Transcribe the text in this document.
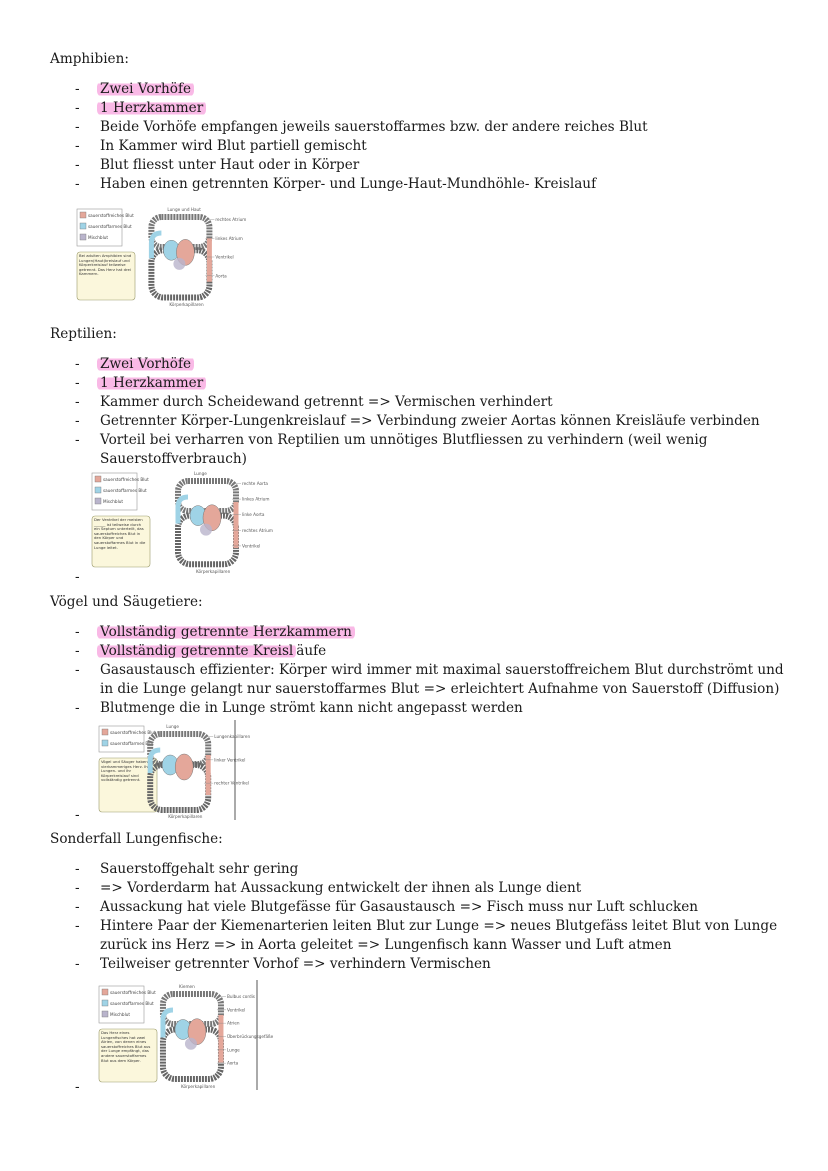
Amphibien:
- Zwei Vorhöfe
- 1 Herzkammer
- Beide Vorhöfe empfangen jeweils sauerstoffarmes bzw. der andere reiches Blut
- In Kammer wird Blut partiell gemischt
- Blut fliesst unter Haut oder in Körper
- Haben einen getrennten Körper- und Lunge-Haut-Mundhöhle- Kreislauf
sauerstoffreiches Blut
sauerstoffarmes Blut
Mischblut
Bei adulten Amphibien sind Lungen(Haut)kreislauf und Körperkreislauf teilweise getrennt. Das Herz hat drei Kammern.
Lunge und Haut
rechtes Atrium
linkes Atrium
Ventrikel
Aorta
Körperkapillaren
Reptilien:
- Zwei Vorhöfe
- 1 Herzkammer
- Kammer durch Scheidewand getrennt => Vermischen verhindert
- Getrennter Körper-Lungenkreislauf => Verbindung zweier Aortas können Kreisläufe verbinden
- Vorteil bei verharren von Reptilien um unnötiges Blutfliessen zu verhindern (weil wenig Sauerstoffverbrauch)
sauerstoffreiches Blut
sauerstoffarmes Blut
Mischblut
Der Ventrikel der meisten ______ ist teilweise durch ein Septum unterteilt, das sauerstoffreiches Blut in den Körper und sauerstoffarmes Blut in die Lunge leitet.
Lunge
rechte Aorta
linkes Atrium
linke Aorta
rechtes Atrium
Ventrikel
Körperkapillaren
-
Vögel und Säugetiere:
- Vollständig getrennte Herzkammern
- Vollständig getrennte Kreisl äufe
- Gasaustausch effizienter: Körper wird immer mit maximal sauerstoffreichem Blut durchströmt und in die Lunge gelangt nur sauerstoffarmes Blut => erleichtert Aufnahme von Sauerstoff (Diffusion)
- Blutmenge die in Lunge strömt kann nicht angepasst werden
sauerstoffreiches Blut
sauerstoffarmes Blut
Vögel und Säuger haben ein vierkammeriges Herz. Ihr Lungen- und ihr Körperkreislauf sind vollständig getrennt.
Lunge
Lungenkapillaren
linker Ventrikel
rechter Ventrikel
Körperkapillaren
-
Sonderfall Lungenfische:
- Sauerstoffgehalt sehr gering
- => Vorderdarm hat Aussackung entwickelt der ihnen als Lunge dient
- Aussackung hat viele Blutgefässe für Gasaustausch => Fisch muss nur Luft schlucken
- Hintere Paar der Kiemenarterien leiten Blut zur Lunge => neues Blutgefäss leitet Blut von Lunge zurück ins Herz => in Aorta geleitet => Lungenfisch kann Wasser und Luft atmen
- Teilweiser getrennter Vorhof => verhindern Vermischen
sauerstoffreiches Blut
sauerstoffarmes Blut
Mischblut
Das Herz eines Lungenfisches hat zwei Atrien, von denen eines sauerstoffreiches Blut aus der Lunge empfängt, das andere sauerstoffarmes Blut aus dem Körper.
Kiemen
Bulbus cordis
Ventrikel
Atrien
Überbrückungsgefäße
Lunge
Aorta
Körperkapillaren
-
